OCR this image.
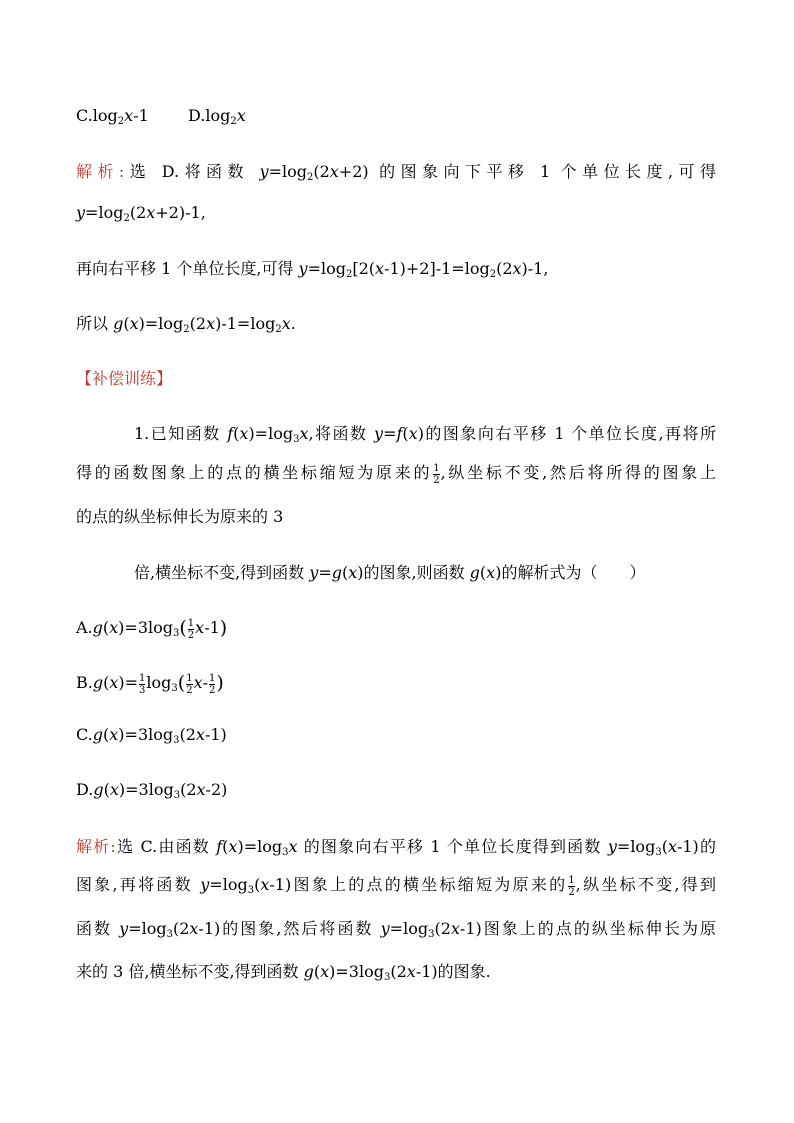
$C.\log_2x-1$ $D.\log_2x$
解析:选 D.将函数 $y=\log_2(2x+2)$ 的图象向下平移 1 个单位长度,可得
$y=\log_2(2x+2)-1$,
再向右平移 1 个单位长度,可得 $y=\log_2[2(x-1)+2]-1=\log_2(2x)-1$,
所以 $g(x)=\log_2(2x)-1=\log_2x$.
【补偿训练】
1.已知函数 $f(x)=\log_3x$,将函数 y=f(x)的图象向右平移 1 个单位长度,再将所
得的函数图象上的点的横坐标缩短为原来的 $\frac{1}{2}$ ,纵坐标不变,然后将所得的图象上
的点的纵坐标伸长为原来的 3
倍,横坐标不变,得到函数 y=g(x)的图象,则函数 g(x)的解析式为（　　）
$A.g(x)=3\log_3( \frac{1}{2} x-1)$
$B.g(x)= \frac{1}{3} \log_3( \frac{1}{2} x- \frac{1}{2}$ )
$C.g(x)=3\log_3(2x-1)$
$D.g(x)=3\log_3(2x-2)$
解析:选 C.由函数 $f(x)=\log_3x$ 的图象向右平移 1 个单位长度得到函数 $y=\log_3(x-1)$的
图象,再将函数 $y=\log_3(x-1)$图象上的点的横坐标缩短为原来的 $\frac{1}{2}$ ,纵坐标不变,得到
函数 $y=\log_3(2x-1)$的图象,然后将函数 $y=\log_3(2x-1)$图象上的点的纵坐标伸长为原
来的 3 倍,横坐标不变,得到函数 $g(x)=3\log_3(2x-1)$的图象.
